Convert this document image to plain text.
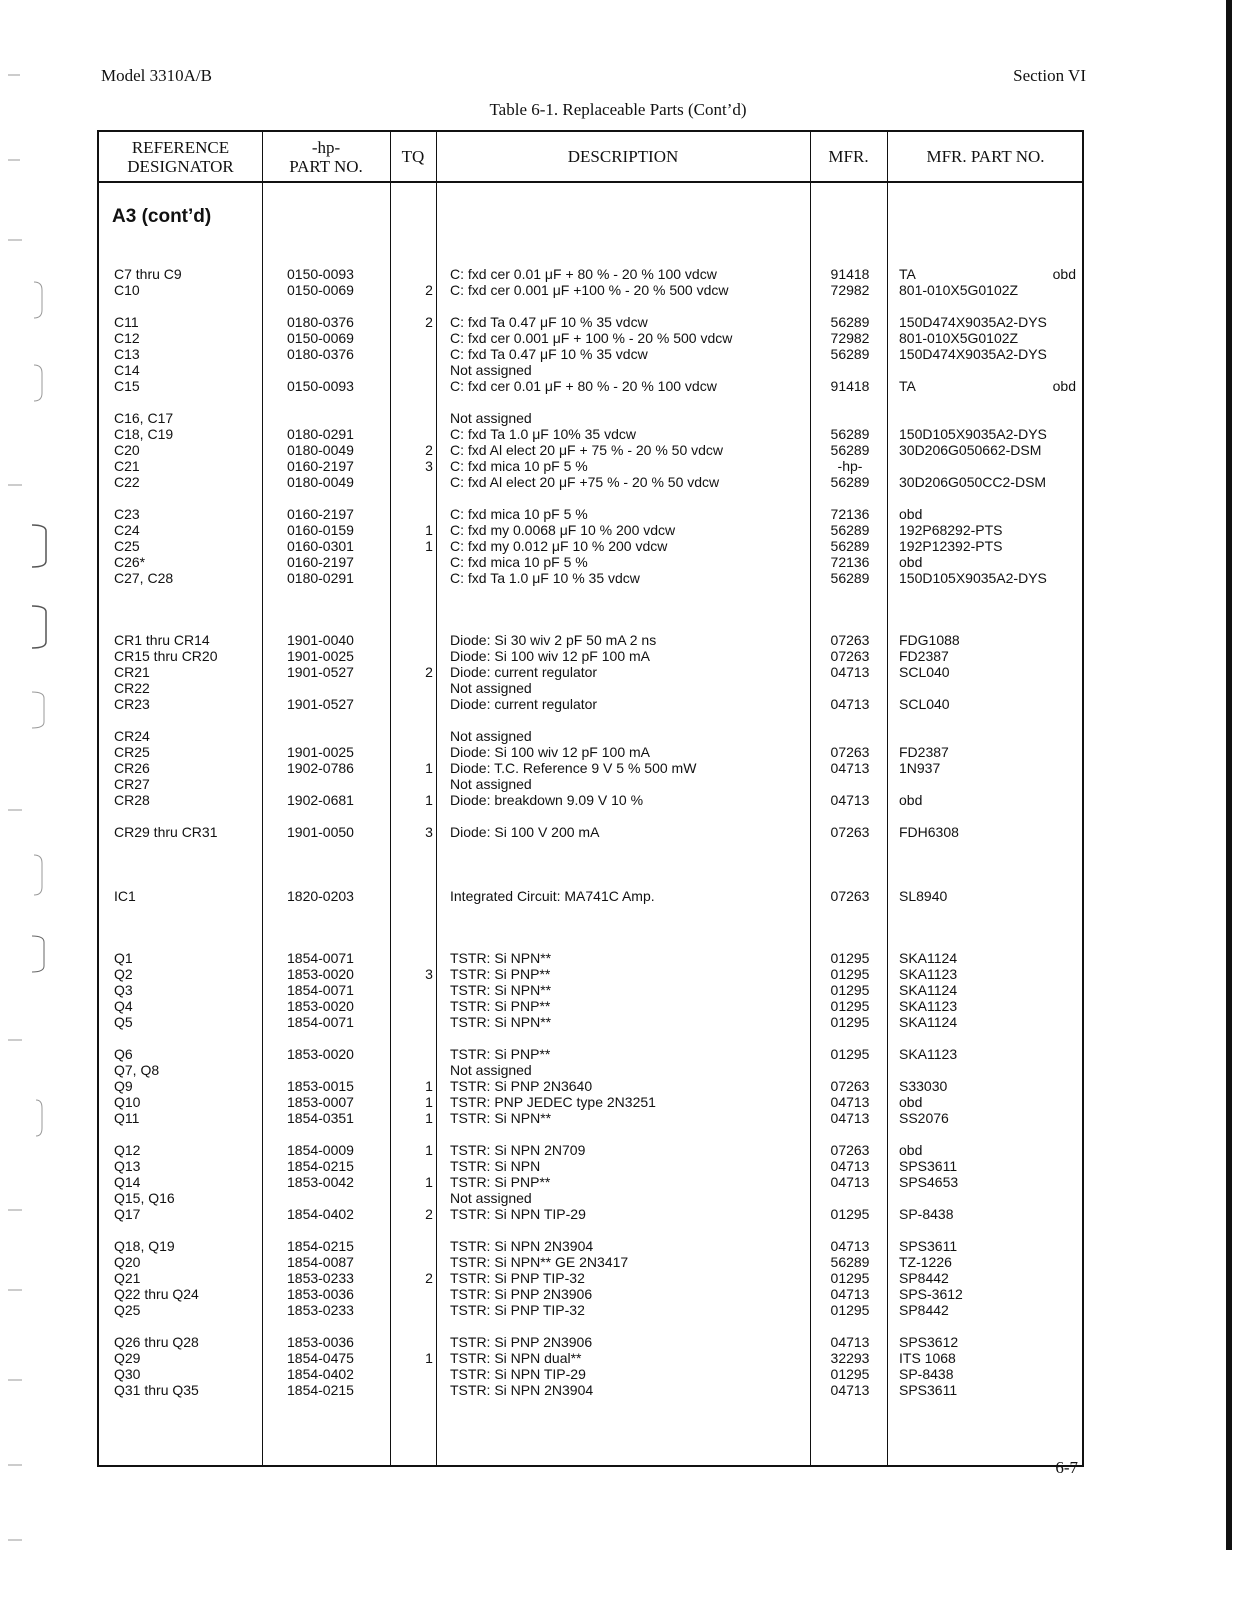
Model 3310A/B	Section VI
Table 6-1. Replaceable Parts (Cont’d)
REFERENCE
DESIGNATOR
-hp-
PART NO.	TQ	DESCRIPTION	MFR.	MFR. PART NO.
A3 (cont’d)
C7 thru C9	0150-0093	C: fxd cer 0.01 μF + 80 % - 20 % 100 vdcw	91418	TA	obd
C10	0150-0069	2	C: fxd cer 0.001 μF +100 % - 20 % 500 vdcw	72982	801-010X5G0102Z
C11	0180-0376	2	C: fxd Ta 0.47 μF 10 % 35 vdcw	56289	150D474X9035A2-DYS
C12	0150-0069	C: fxd cer 0.001 μF + 100 % - 20 % 500 vdcw	72982	801-010X5G0102Z
C13	0180-0376	C: fxd Ta 0.47 μF 10 % 35 vdcw	56289	150D474X9035A2-DYS
C14	Not assigned
C15	0150-0093	C: fxd cer 0.01 μF + 80 % - 20 % 100 vdcw	91418	TA	obd
C16, C17	Not assigned
C18, C19	0180-0291	C: fxd Ta 1.0 μF 10% 35 vdcw	56289	150D105X9035A2-DYS
C20	0180-0049	2	C: fxd Al elect 20 μF + 75 % - 20 % 50 vdcw	56289	30D206G050662-DSM
C21	0160-2197	3	C: fxd mica 10 pF 5 %	-hp-
C22	0180-0049	C: fxd Al elect 20 μF +75 % - 20 % 50 vdcw	56289	30D206G050CC2-DSM
C23	0160-2197	C: fxd mica 10 pF 5 %	72136	obd
C24	0160-0159	1	C: fxd my 0.0068 μF 10 % 200 vdcw	56289	192P68292-PTS
C25	0160-0301	1	C: fxd my 0.012 μF 10 % 200 vdcw	56289	192P12392-PTS
C26*	0160-2197	C: fxd mica 10 pF 5 %	72136	obd
C27, C28	0180-0291	C: fxd Ta 1.0 μF 10 % 35 vdcw	56289	150D105X9035A2-DYS
CR1 thru CR14	1901-0040	Diode: Si 30 wiv 2 pF 50 mA 2 ns	07263	FDG1088
CR15 thru CR20	1901-0025	Diode: Si 100 wiv 12 pF 100 mA	07263	FD2387
CR21	1901-0527	2	Diode: current regulator	04713	SCL040
CR22	Not assigned
CR23	1901-0527	Diode: current regulator	04713	SCL040
CR24	Not assigned
CR25	1901-0025	Diode: Si 100 wiv 12 pF 100 mA	07263	FD2387
CR26	1902-0786	1	Diode: T.C. Reference 9 V 5 % 500 mW	04713	1N937
CR27	Not assigned
CR28	1902-0681	1	Diode: breakdown 9.09 V 10 %	04713	obd
CR29 thru CR31	1901-0050	3	Diode: Si 100 V 200 mA	07263	FDH6308
IC1	1820-0203	Integrated Circuit: MA741C Amp.	07263	SL8940
Q1	1854-0071	TSTR: Si NPN**	01295	SKA1124
Q2	1853-0020	3	TSTR: Si PNP**	01295	SKA1123
Q3	1854-0071	TSTR: Si NPN**	01295	SKA1124
Q4	1853-0020	TSTR: Si PNP**	01295	SKA1123
Q5	1854-0071	TSTR: Si NPN**	01295	SKA1124
Q6	1853-0020	TSTR: Si PNP**	01295	SKA1123
Q7, Q8	Not assigned
Q9	1853-0015	1	TSTR: Si PNP 2N3640	07263	S33030
Q10	1853-0007	1	TSTR: PNP JEDEC type 2N3251	04713	obd
Q11	1854-0351	1	TSTR: Si NPN**	04713	SS2076
Q12	1854-0009	1	TSTR: Si NPN 2N709	07263	obd
Q13	1854-0215	TSTR: Si NPN	04713	SPS3611
Q14	1853-0042	1	TSTR: Si PNP**	04713	SPS4653
Q15, Q16	Not assigned
Q17	1854-0402	2	TSTR: Si NPN TIP-29	01295	SP-8438
Q18, Q19	1854-0215	TSTR: Si NPN 2N3904	04713	SPS3611
Q20	1854-0087	TSTR: Si NPN** GE 2N3417	56289	TZ-1226
Q21	1853-0233	2	TSTR: Si PNP TIP-32	01295	SP8442
Q22 thru Q24	1853-0036	TSTR: Si PNP 2N3906	04713	SPS-3612
Q25	1853-0233	TSTR: Si PNP TIP-32	01295	SP8442
Q26 thru Q28	1853-0036	TSTR: Si PNP 2N3906	04713	SPS3612
Q29	1854-0475	1	TSTR: Si NPN dual**	32293	ITS 1068
Q30	1854-0402	TSTR: Si NPN TIP-29	01295	SP-8438
Q31 thru Q35	1854-0215	TSTR: Si NPN 2N3904	04713	SPS3611
6-7
